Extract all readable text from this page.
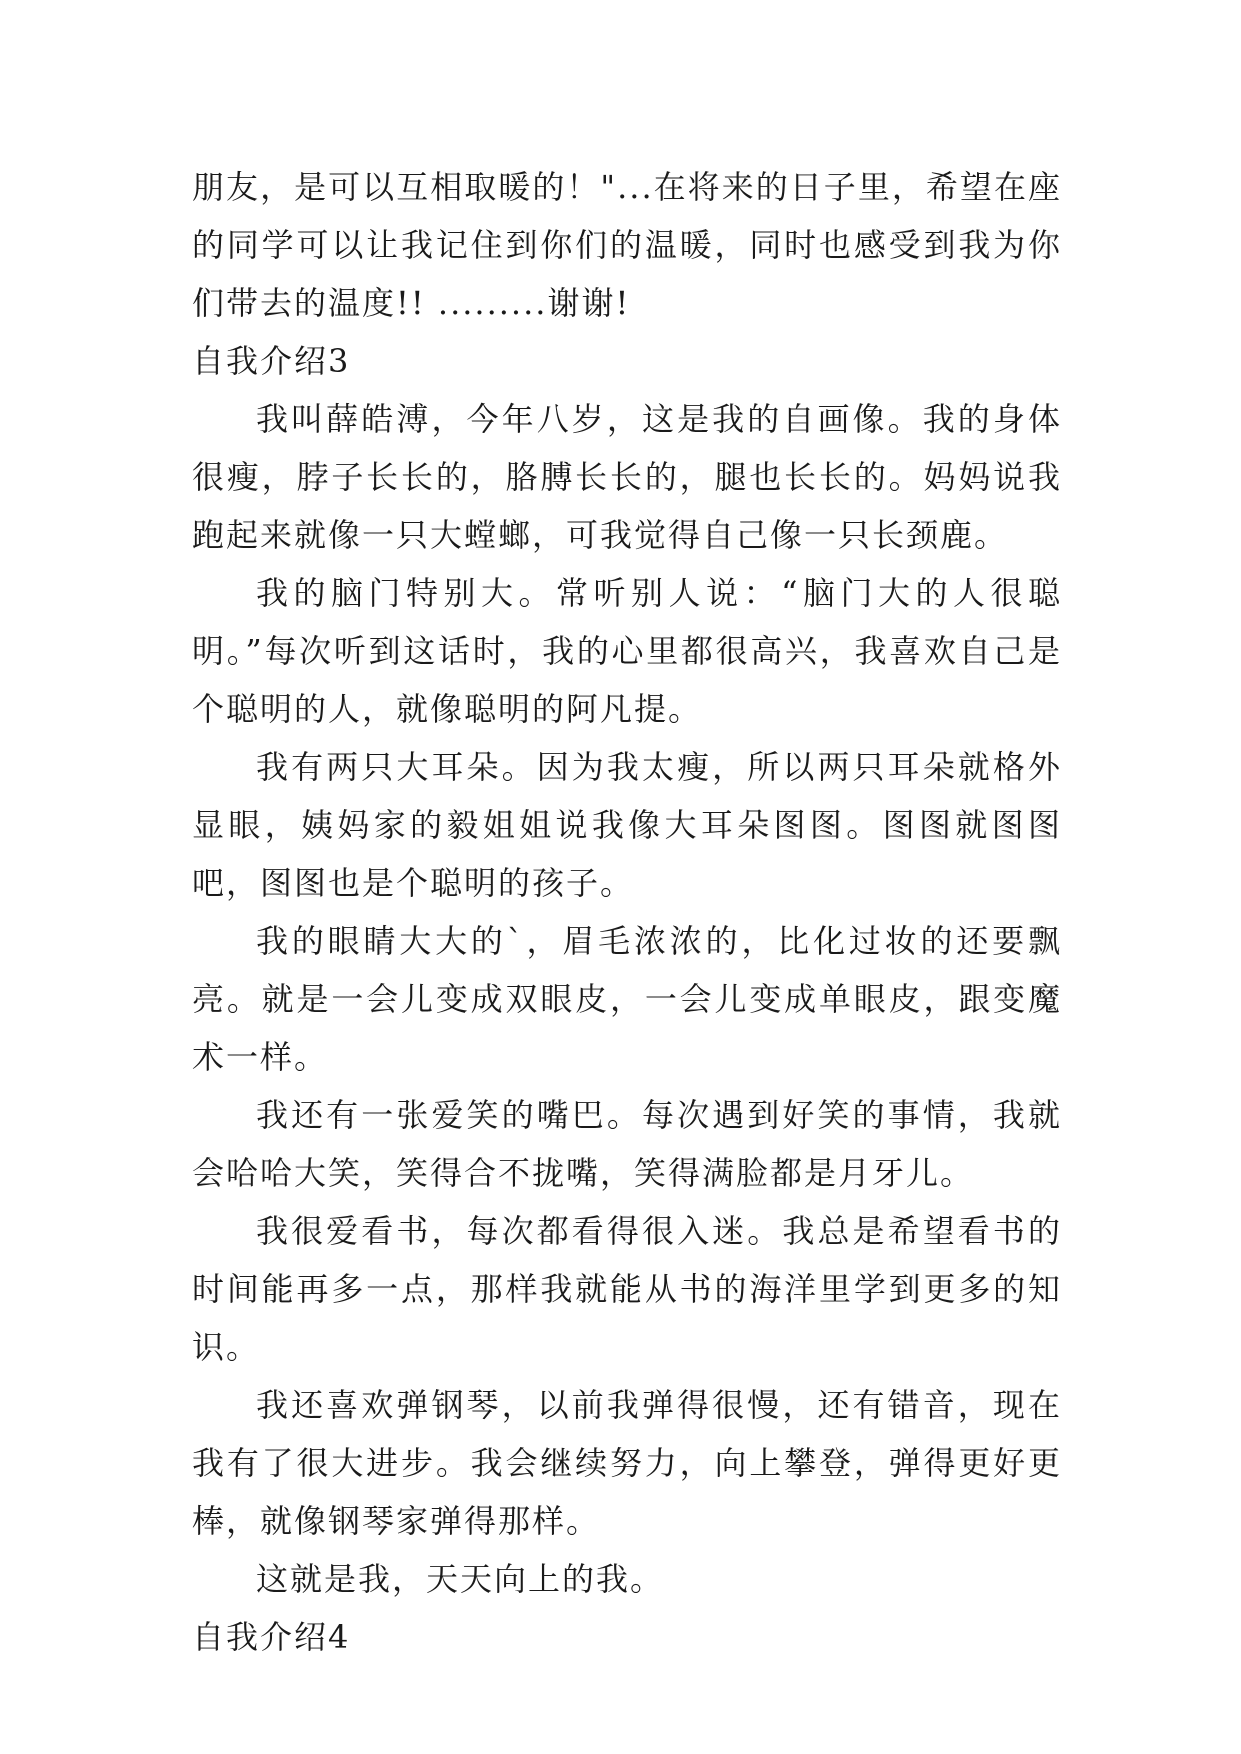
朋友，是可以互相取暖的！"...在将来的日子里，希望在座的同学可以让我记住到你们的温暖，同时也感受到我为你们带去的温度!! .........谢谢!

自我介绍3

我叫薛皓溥，今年八岁，这是我的自画像。我的身体很瘦，脖子长长的，胳膊长长的，腿也长长的。妈妈说我跑起来就像一只大螳螂，可我觉得自己像一只长颈鹿。

我的脑门特别大。常听别人说：“脑门大的人很聪明。”每次听到这话时，我的心里都很高兴，我喜欢自己是个聪明的人，就像聪明的阿凡提。

我有两只大耳朵。因为我太瘦，所以两只耳朵就格外显眼，姨妈家的毅姐姐说我像大耳朵图图。图图就图图吧，图图也是个聪明的孩子。

我的眼睛大大的`，眉毛浓浓的，比化过妆的还要飘亮。就是一会儿变成双眼皮，一会儿变成单眼皮，跟变魔术一样。

我还有一张爱笑的嘴巴。每次遇到好笑的事情，我就会哈哈大笑，笑得合不拢嘴，笑得满脸都是月牙儿。

我很爱看书，每次都看得很入迷。我总是希望看书的时间能再多一点，那样我就能从书的海洋里学到更多的知识。

我还喜欢弹钢琴，以前我弹得很慢，还有错音，现在我有了很大进步。我会继续努力，向上攀登，弹得更好更棒，就像钢琴家弹得那样。

这就是我，天天向上的我。

自我介绍4
